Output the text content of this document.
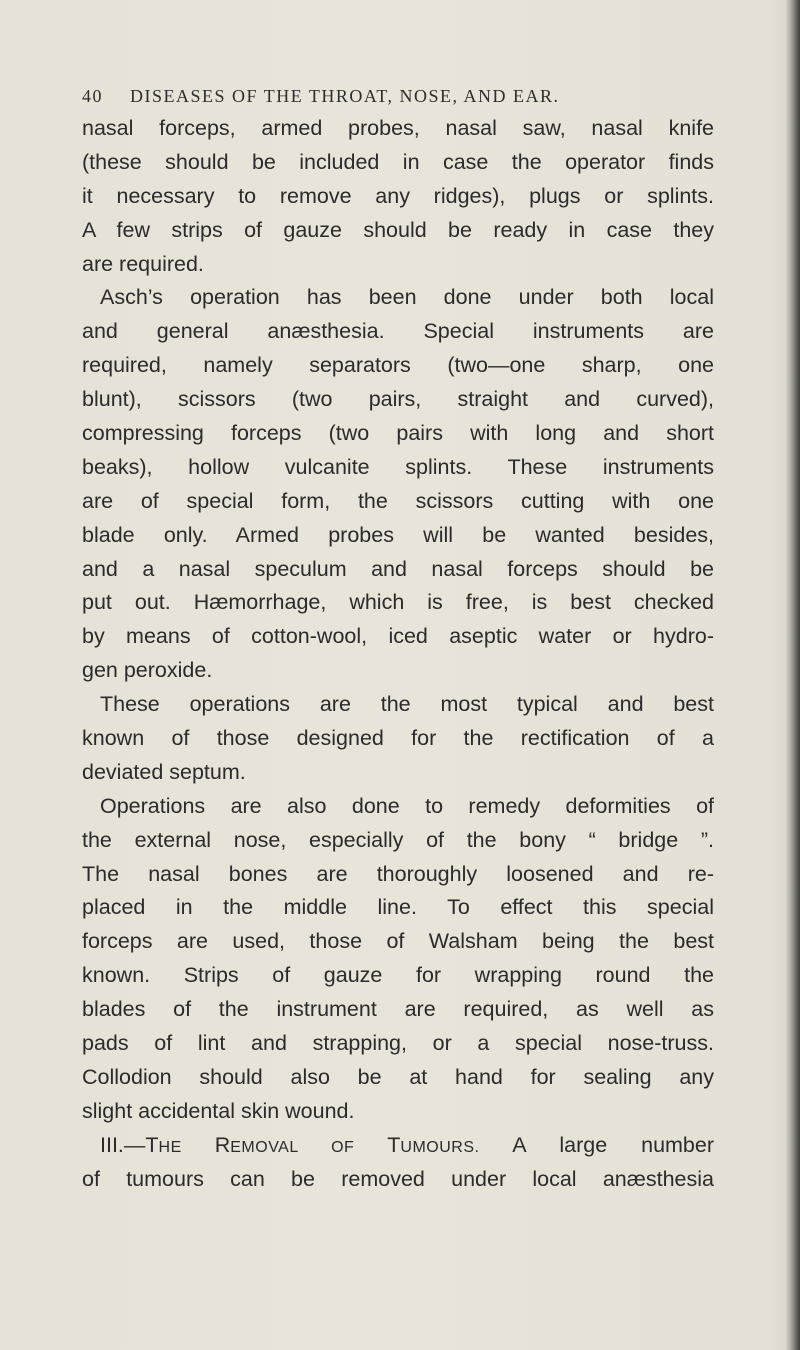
40 DISEASES OF THE THROAT, NOSE, AND EAR.
nasal forceps, armed probes, nasal saw, nasal knife
(these should be included in case the operator finds
it necessary to remove any ridges), plugs or splints.
A few strips of gauze should be ready in case they
are required.
Asch’s operation has been done under both local
and general anæsthesia. Special instruments are
required, namely separators (two—one sharp, one
blunt), scissors (two pairs, straight and curved),
compressing forceps (two pairs with long and short
beaks), hollow vulcanite splints. These instruments
are of special form, the scissors cutting with one
blade only. Armed probes will be wanted besides,
and a nasal speculum and nasal forceps should be
put out. Hæmorrhage, which is free, is best checked
by means of cotton-wool, iced aseptic water or hydro-
gen peroxide.
These operations are the most typical and best
known of those designed for the rectification of a
deviated septum.
Operations are also done to remedy deformities of
the external nose, especially of the bony “ bridge ”.
The nasal bones are thoroughly loosened and re-
placed in the middle line. To effect this special
forceps are used, those of Walsham being the best
known. Strips of gauze for wrapping round the
blades of the instrument are required, as well as
pads of lint and strapping, or a special nose-truss.
Collodion should also be at hand for sealing any
slight accidental skin wound.
III.—THE REMOVAL OF TUMOURS. A large number
of tumours can be removed under local anæsthesia
